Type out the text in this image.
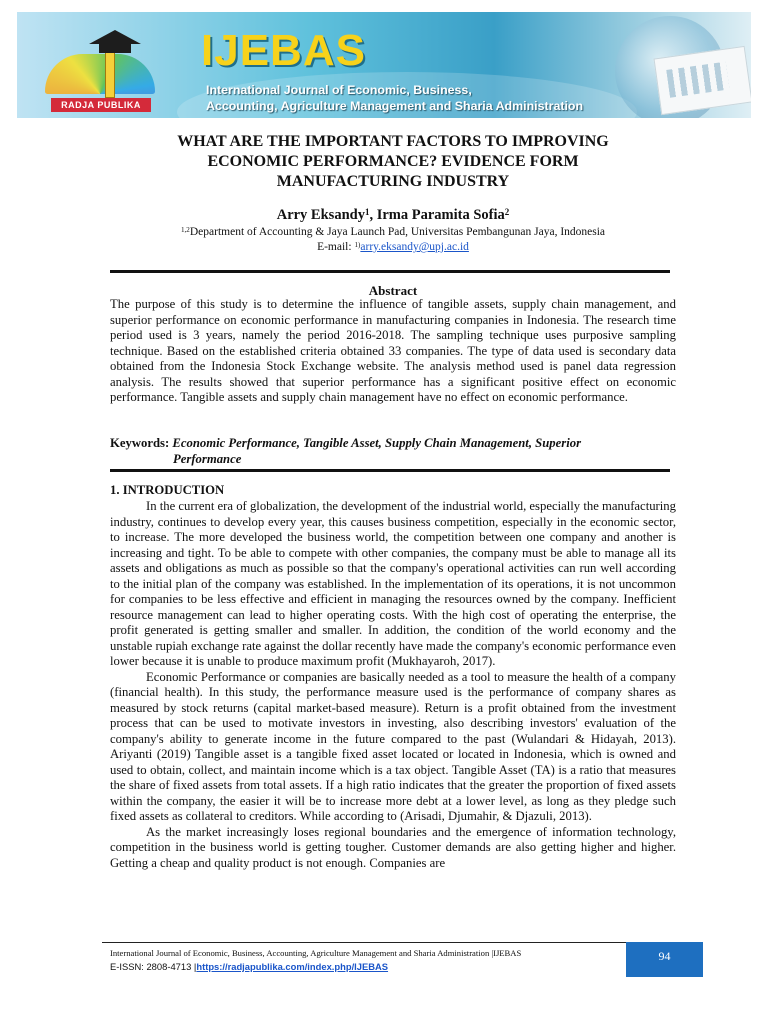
RADJA PUBLIKA
IJEBAS
International Journal of Economic, Business,
Accounting, Agriculture Management and Sharia Administration
WHAT ARE THE IMPORTANT FACTORS TO IMPROVING
ECONOMIC PERFORMANCE? EVIDENCE FORM
MANUFACTURING INDUSTRY
Arry Eksandy$^1$, Irma Paramita Sofia$^2$
$^{1,2}$Department of Accounting & Jaya Launch Pad, Universitas Pembangunan Jaya, Indonesia
E-mail: $^{1)}$arry.eksandy@upj.ac.id
Abstract

The purpose of this study is to determine the influence of tangible assets, supply chain management, and superior performance on economic performance in manufacturing companies in Indonesia. The research time period used is 3 years, namely the period 2016-2018. The sampling technique uses purposive sampling technique. Based on the established criteria obtained 33 companies. The type of data used is secondary data obtained from the Indonesia Stock Exchange website. The analysis method used is panel data regression analysis. The results showed that superior performance has a significant positive effect on economic performance. Tangible assets and supply chain management have no effect on economic performance.

Keywords: Economic Performance, Tangible Asset, Supply Chain Management, Superior
Performance
1. INTRODUCTION

In the current era of globalization, the development of the industrial world, especially the manufacturing industry, continues to develop every year, this causes business competition, especially in the economic sector, to increase. The more developed the business world, the competition between one company and another is increasing and tight. To be able to compete with other companies, the company must be able to manage all its assets and obligations as much as possible so that the company's operational activities can run well according to the initial plan of the company was established. In the implementation of its operations, it is not uncommon for companies to be less effective and efficient in managing the resources owned by the company. Inefficient resource management can lead to higher operating costs. With the high cost of operating the enterprise, the profit generated is getting smaller and smaller. In addition, the condition of the world economy and the unstable rupiah exchange rate against the dollar recently have made the company's economic performance even lower because it is unable to produce maximum profit (Mukhayaroh, 2017).

Economic Performance or companies are basically needed as a tool to measure the health of a company (financial health). In this study, the performance measure used is the performance of company shares as measured by stock returns (capital market-based measure). Return is a profit obtained from the investment process that can be used to motivate investors in investing, also describing investors' evaluation of the company's ability to generate income in the future compared to the past (Wulandari & Hidayah, 2013). Ariyanti (2019) Tangible asset is a tangible fixed asset located or located in Indonesia, which is owned and used to obtain, collect, and maintain income which is a tax object. Tangible Asset (TA) is a ratio that measures the share of fixed assets from total assets. If a high ratio indicates that the greater the proportion of fixed assets within the company, the easier it will be to increase more debt at a lower level, as long as they pledge such fixed assets as collateral to creditors. While according to (Arisadi, Djumahir, & Djazuli, 2013).

As the market increasingly loses regional boundaries and the emergence of information technology, competition in the business world is getting tougher. Customer demands are also getting higher and higher. Getting a cheap and quality product is not enough. Companies are

International Journal of Economic, Business, Accounting, Agriculture Management and Sharia Administration |IJEBAS
E-ISSN: 2808-4713 |https://radjapublika.com/index.php/IJEBAS
94
